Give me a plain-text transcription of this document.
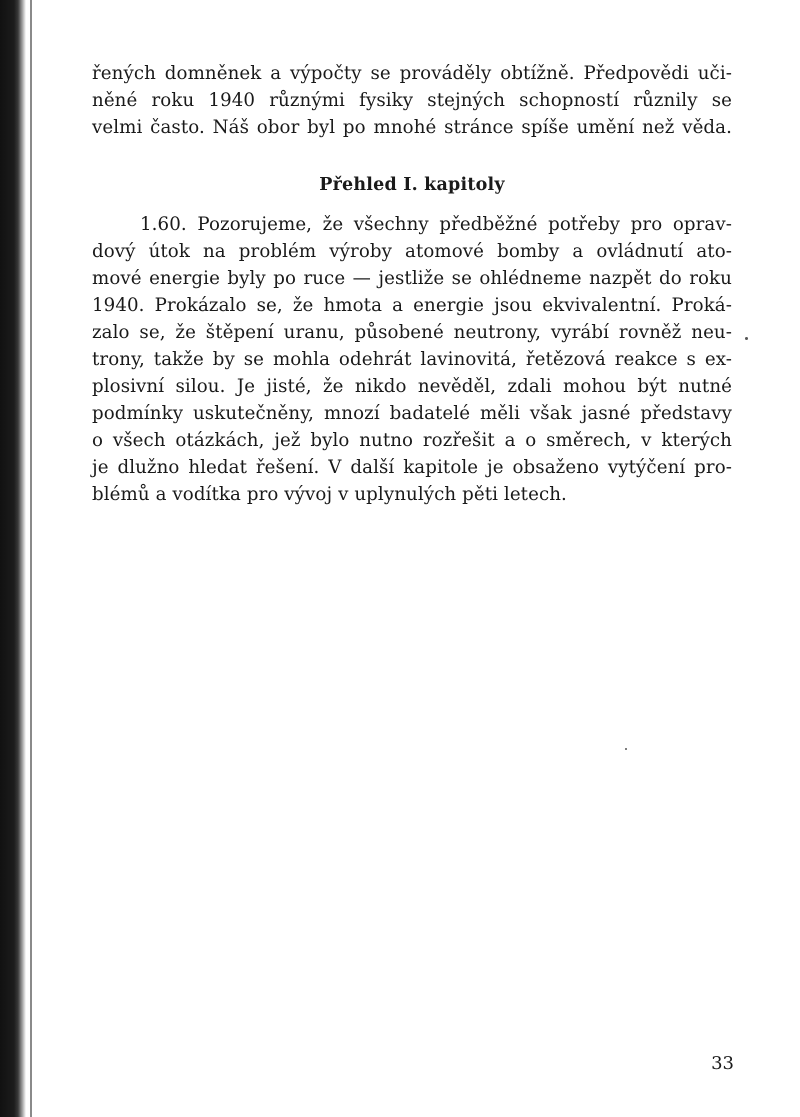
řených domněnek a výpočty se prováděly obtížně. Předpovědi uči-
něné roku 1940 různými fysiky stejných schopností různily se
velmi často. Náš obor byl po mnohé stránce spíše umění než věda.
Přehled I. kapitoly
1.60. Pozorujeme, že všechny předběžné potřeby pro oprav-
dový útok na problém výroby atomové bomby a ovládnutí ato-
mové energie byly po ruce — jestliže se ohlédneme nazpět do roku
1940. Prokázalo se, že hmota a energie jsou ekvivalentní. Proká-
zalo se, že štěpení uranu, působené neutrony, vyrábí rovněž neu-
trony, takže by se mohla odehrát lavinovitá, řetězová reakce s ex-
plosivní silou. Je jisté, že nikdo nevěděl, zdali mohou být nutné
podmínky uskutečněny, mnozí badatelé měli však jasné představy
o všech otázkách, jež bylo nutno rozřešit a o směrech, v kterých
je dlužno hledat řešení. V další kapitole je obsaženo vytýčení pro-
blémů a vodítka pro vývoj v uplynulých pěti letech.
33
